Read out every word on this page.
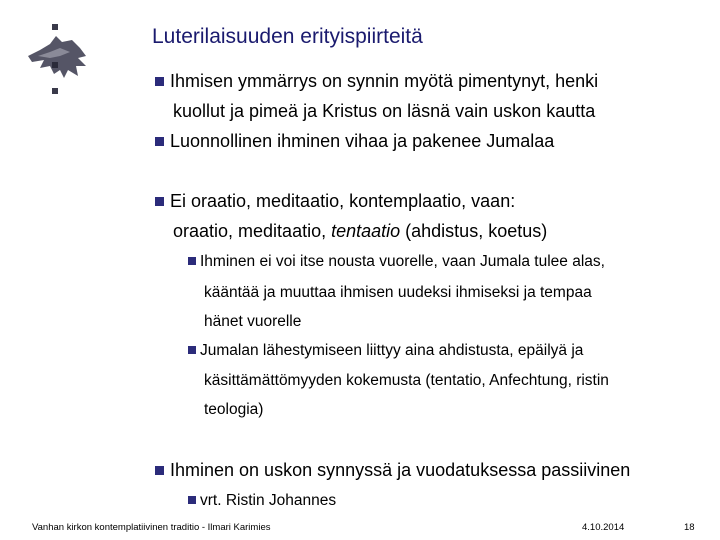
Luterilaisuuden erityispiirteitä
Ihmisen ymmärrys on synnin myötä pimentynyt, henki
kuollut ja pimeä ja Kristus on läsnä vain uskon kautta
Luonnollinen ihminen vihaa ja pakenee Jumalaa
Ei oraatio, meditaatio, kontemplaatio, vaan:
oraatio, meditaatio, tentaatio (ahdistus, koetus)
Ihminen ei voi itse nousta vuorelle, vaan Jumala tulee alas,
kääntää ja muuttaa ihmisen uudeksi ihmiseksi ja tempaa
hänet vuorelle
Jumalan lähestymiseen liittyy aina ahdistusta, epäilyä ja
käsittämättömyyden kokemusta (tentatio, Anfechtung, ristin
teologia)
Ihminen on uskon synnyssä ja vuodatuksessa passiivinen
vrt. Ristin Johannes
Vanhan kirkon kontemplatiivinen traditio - Ilmari Karimies	4.10.2014	18
